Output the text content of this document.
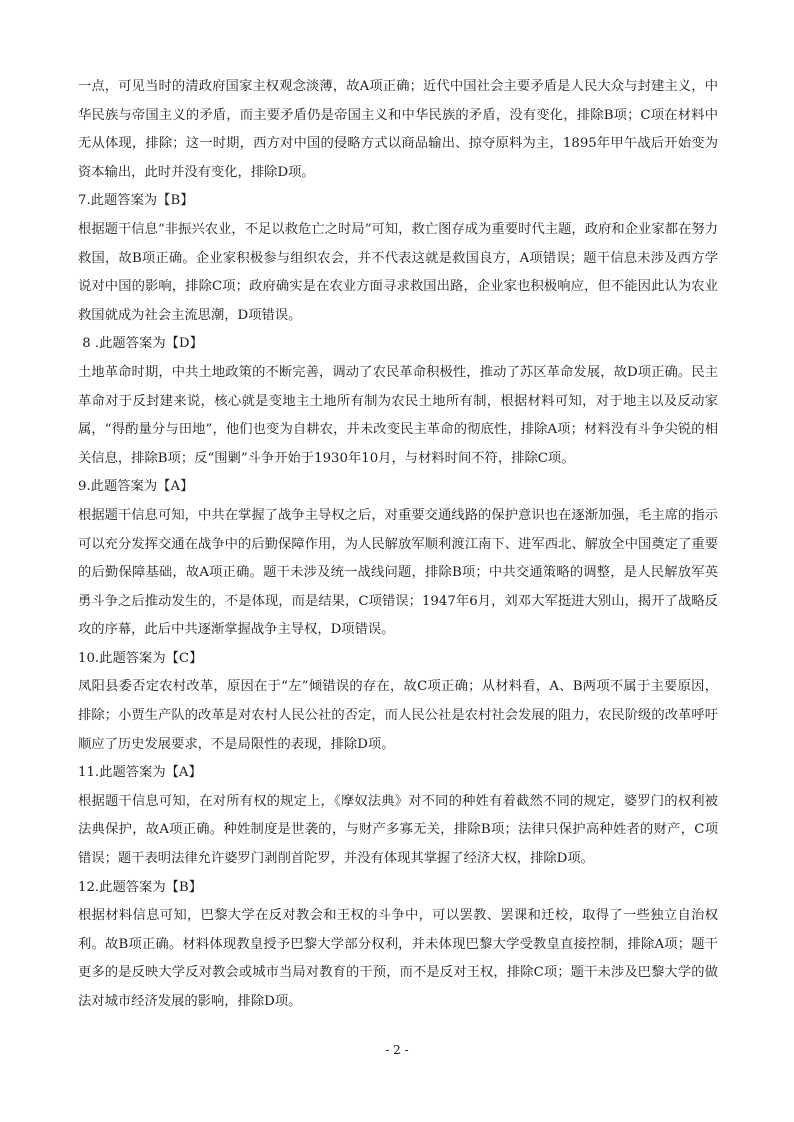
一点，可见当时的清政府国家主权观念淡薄，故A项正确；近代中国社会主要矛盾是人民大众与封建主义，中华民族与帝国主义的矛盾，而主要矛盾仍是帝国主义和中华民族的矛盾，没有变化，排除B项；C项在材料中无从体现，排除；这一时期，西方对中国的侵略方式以商品输出、掠夺原料为主，1895年甲午战后开始变为资本输出，此时并没有变化，排除D项。

7.此题答案为【B】

根据题干信息“非振兴农业，不足以救危亡之时局”可知，救亡图存成为重要时代主题，政府和企业家都在努力救国，故B项正确。企业家积极参与组织农会，并不代表这就是救国良方，A项错误；题干信息未涉及西方学说对中国的影响，排除C项；政府确实是在农业方面寻求救国出路，企业家也积极响应，但不能因此认为农业救国就成为社会主流思潮，D项错误。

8 .此题答案为【D】

土地革命时期，中共土地政策的不断完善，调动了农民革命积极性，推动了苏区革命发展，故D项正确。民主革命对于反封建来说，核心就是变地主土地所有制为农民土地所有制，根据材料可知，对于地主以及反动家属，“得酌量分与田地”，他们也变为自耕农，并未改变民主革命的彻底性，排除A项；材料没有斗争尖锐的相关信息，排除B项；反“围剿”斗争开始于1930年10月，与材料时间不符，排除C项。

9.此题答案为【A】

根据题干信息可知，中共在掌握了战争主导权之后，对重要交通线路的保护意识也在逐渐加强，毛主席的指示可以充分发挥交通在战争中的后勤保障作用，为人民解放军顺利渡江南下、进军西北、解放全中国奠定了重要的后勤保障基础，故A项正确。题干未涉及统一战线问题，排除B项；中共交通策略的调整，是人民解放军英勇斗争之后推动发生的，不是体现，而是结果，C项错误；1947年6月，刘邓大军挺进大别山，揭开了战略反攻的序幕，此后中共逐渐掌握战争主导权，D项错误。

10.此题答案为【C】

凤阳县委否定农村改革，原因在于“左”倾错误的存在，故C项正确；从材料看，A、B两项不属于主要原因，排除；小贾生产队的改革是对农村人民公社的否定，而人民公社是农村社会发展的阻力，农民阶级的改革呼吁顺应了历史发展要求，不是局限性的表现，排除D项。

11.此题答案为【A】

根据题干信息可知，在对所有权的规定上，《摩奴法典》对不同的种姓有着截然不同的规定，婆罗门的权利被法典保护，故A项正确。种姓制度是世袭的，与财产多寡无关，排除B项；法律只保护高种姓者的财产，C项错误；题干表明法律允许婆罗门剥削首陀罗，并没有体现其掌握了经济大权，排除D项。

12.此题答案为【B】

根据材料信息可知，巴黎大学在反对教会和王权的斗争中，可以罢教、罢课和迁校，取得了一些独立自治权利。故B项正确。材料体现教皇授予巴黎大学部分权利，并未体现巴黎大学受教皇直接控制，排除A项；题干更多的是反映大学反对教会或城市当局对教育的干预，而不是反对王权，排除C项；题干未涉及巴黎大学的做法对城市经济发展的影响，排除D项。

- 2 -
